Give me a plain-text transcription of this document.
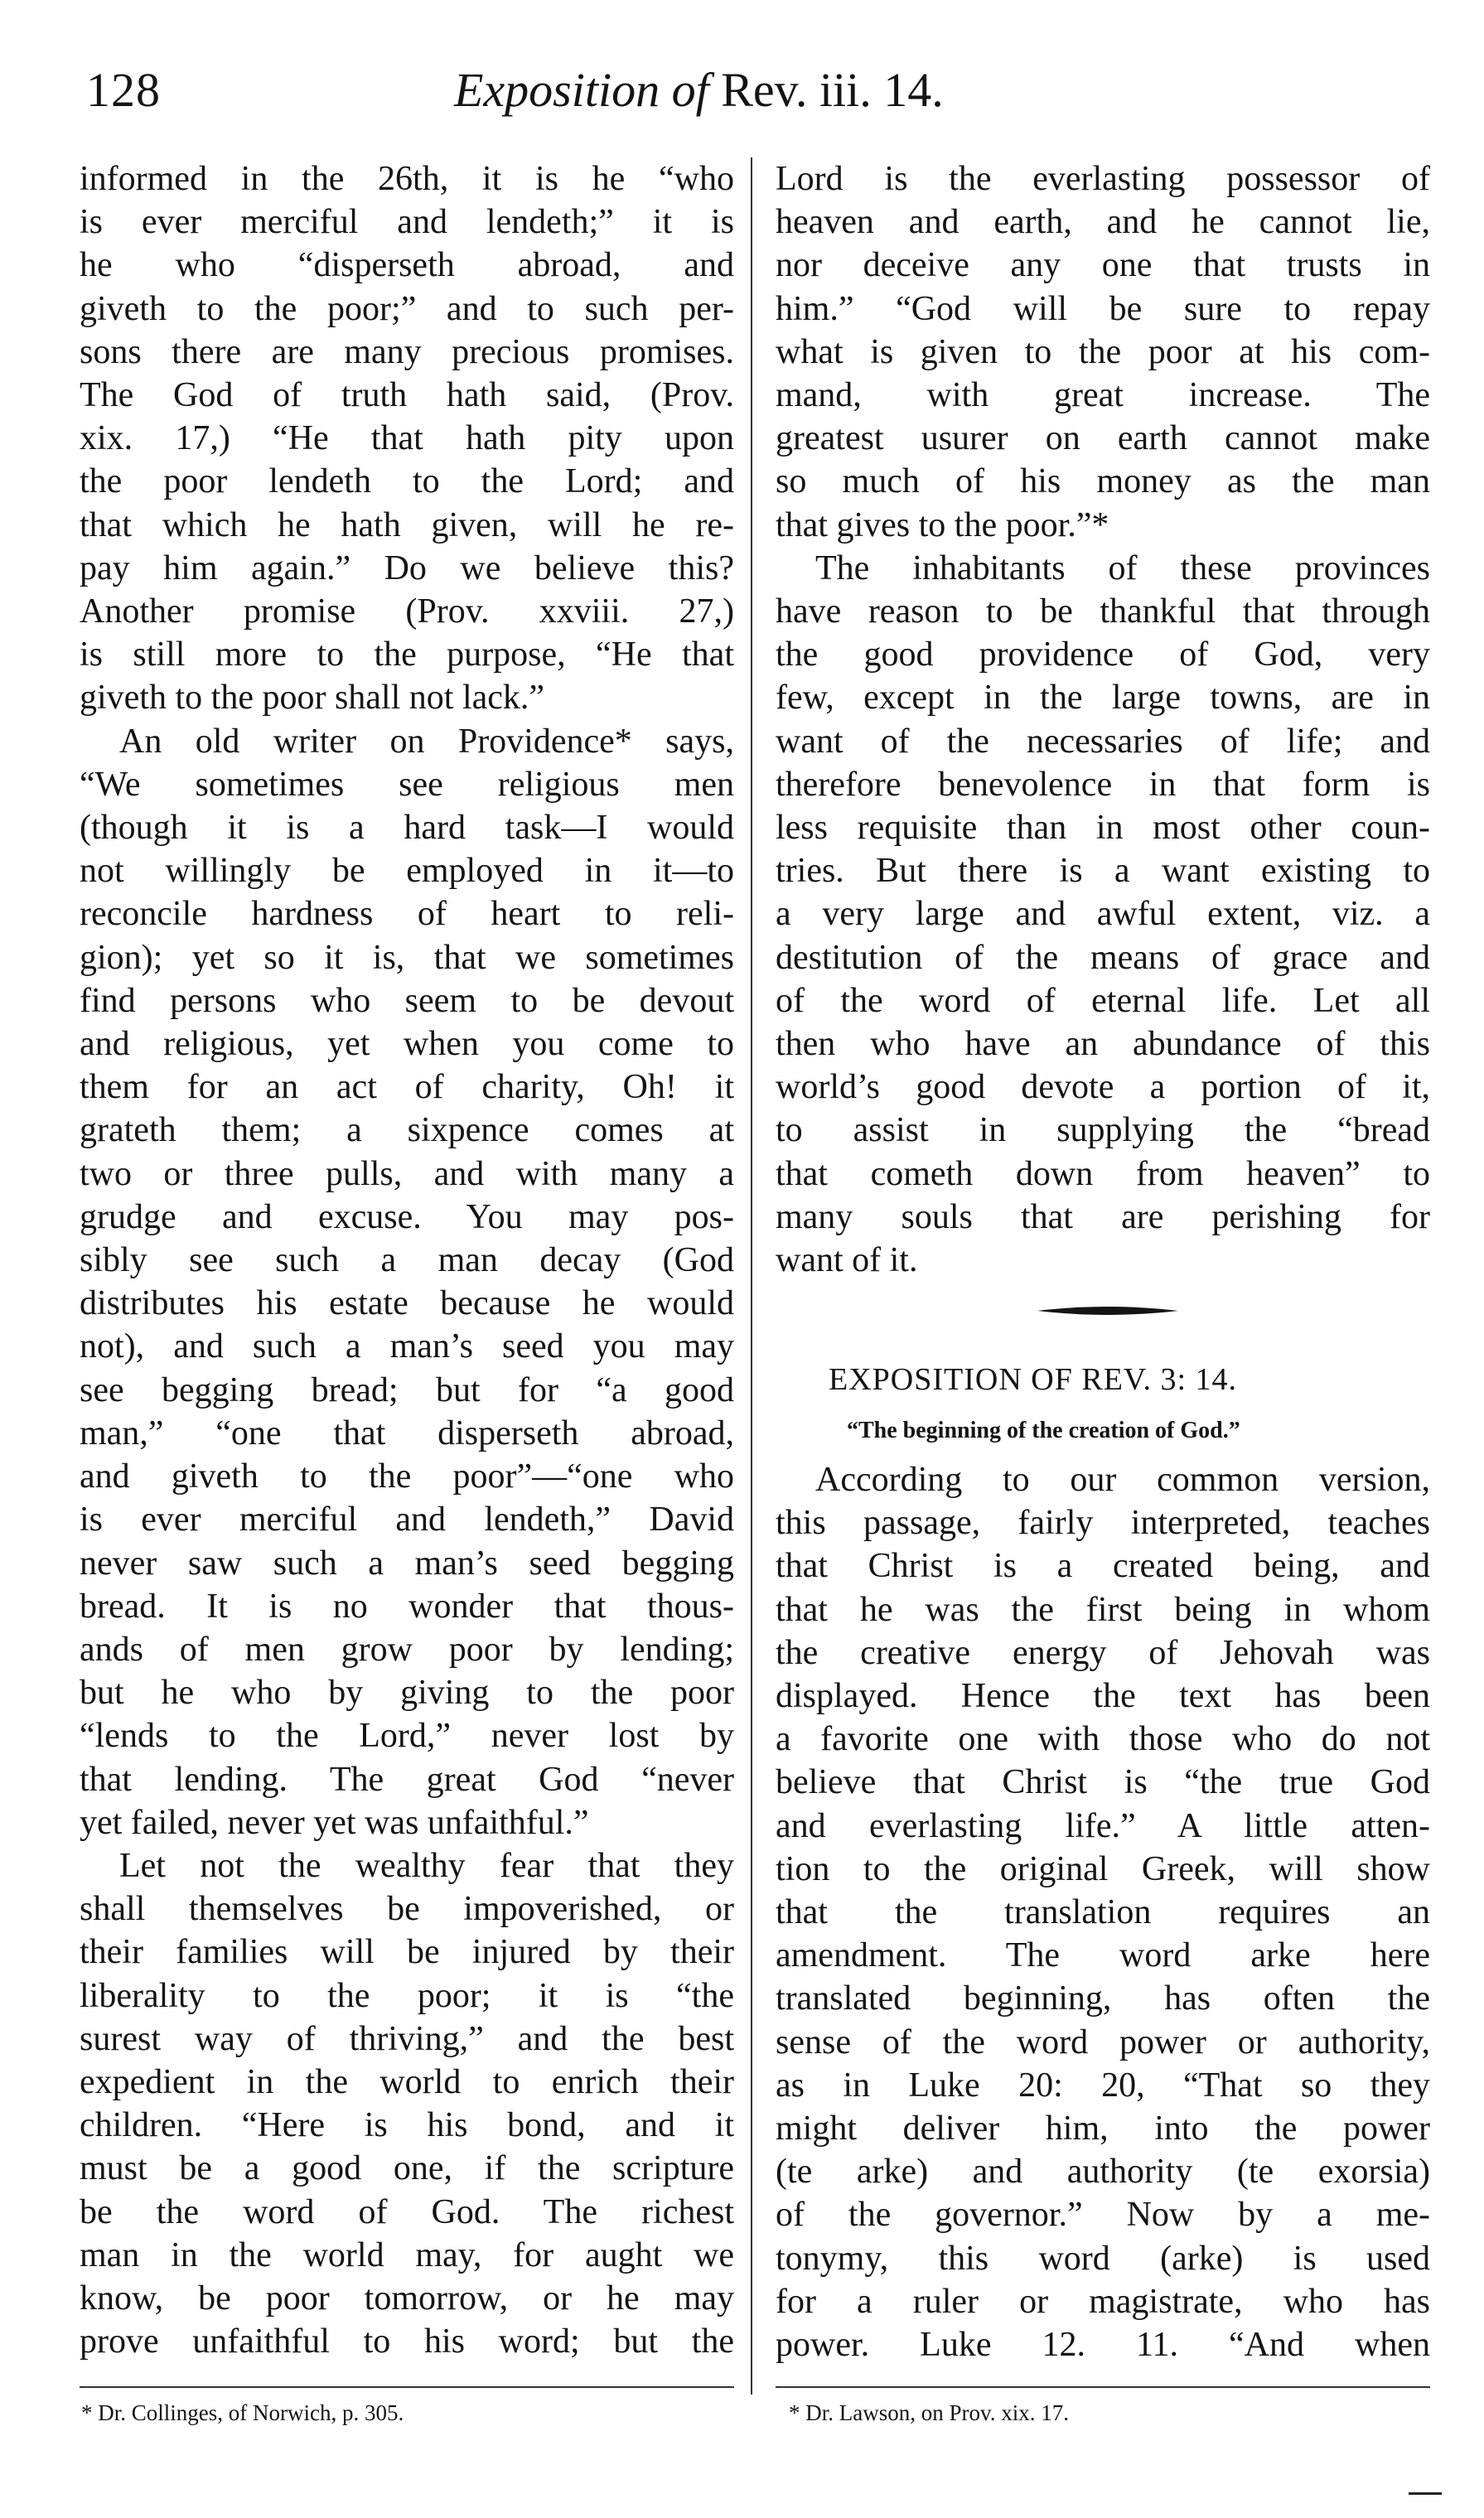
128	Exposition of Rev. iii. 14.
informed in the 26th, it is he “who
is ever merciful and lendeth;” it is
he who “disperseth abroad, and
giveth to the poor;” and to such per-
sons there are many precious promises.
The God of truth hath said, (Prov.
xix. 17,) “He that hath pity upon
the poor lendeth to the Lord; and
that which he hath given, will he re-
pay him again.” Do we believe this?
Another promise (Prov. xxviii. 27,)
is still more to the purpose, “He that
giveth to the poor shall not lack.”
An old writer on Providence* says,
“We sometimes see religious men
(though it is a hard task—I would
not willingly be employed in it—to
reconcile hardness of heart to reli-
gion); yet so it is, that we sometimes
find persons who seem to be devout
and religious, yet when you come to
them for an act of charity, Oh! it
grateth them; a sixpence comes at
two or three pulls, and with many a
grudge and excuse. You may pos-
sibly see such a man decay (God
distributes his estate because he would
not), and such a man’s seed you may
see begging bread; but for “a good
man,” “one that disperseth abroad,
and giveth to the poor”—“one who
is ever merciful and lendeth,” David
never saw such a man’s seed begging
bread. It is no wonder that thous-
ands of men grow poor by lending;
but he who by giving to the poor
“lends to the Lord,” never lost by
that lending. The great God “never
yet failed, never yet was unfaithful.”
Let not the wealthy fear that they
shall themselves be impoverished, or
their families will be injured by their
liberality to the poor; it is “the
surest way of thriving,” and the best
expedient in the world to enrich their
children. “Here is his bond, and it
must be a good one, if the scripture
be the word of God. The richest
man in the world may, for aught we
know, be poor tomorrow, or he may
prove unfaithful to his word; but the
Lord is the everlasting possessor of
heaven and earth, and he cannot lie,
nor deceive any one that trusts in
him.” “God will be sure to repay
what is given to the poor at his com-
mand, with great increase. The
greatest usurer on earth cannot make
so much of his money as the man
that gives to the poor.”*
The inhabitants of these provinces
have reason to be thankful that through
the good providence of God, very
few, except in the large towns, are in
want of the necessaries of life; and
therefore benevolence in that form is
less requisite than in most other coun-
tries. But there is a want existing to
a very large and awful extent, viz. a
destitution of the means of grace and
of the word of eternal life. Let all
then who have an abundance of this
world’s good devote a portion of it,
to assist in supplying the “bread
that cometh down from heaven” to
many souls that are perishing for
want of it.
EXPOSITION OF REV. 3: 14.
“The beginning of the creation of God.”
According to our common version,
this passage, fairly interpreted, teaches
that Christ is a created being, and
that he was the first being in whom
the creative energy of Jehovah was
displayed. Hence the text has been
a favorite one with those who do not
believe that Christ is “the true God
and everlasting life.” A little atten-
tion to the original Greek, will show
that the translation requires an
amendment. The word arke here
translated beginning, has often the
sense of the word power or authority,
as in Luke 20: 20, “That so they
might deliver him, into the power
(te arke) and authority (te exorsia)
of the governor.” Now by a me-
tonymy, this word (arke) is used
for a ruler or magistrate, who has
power. Luke 12. 11. “And when
* Dr. Collinges, of Norwich, p. 305.	* Dr. Lawson, on Prov. xix. 17.
